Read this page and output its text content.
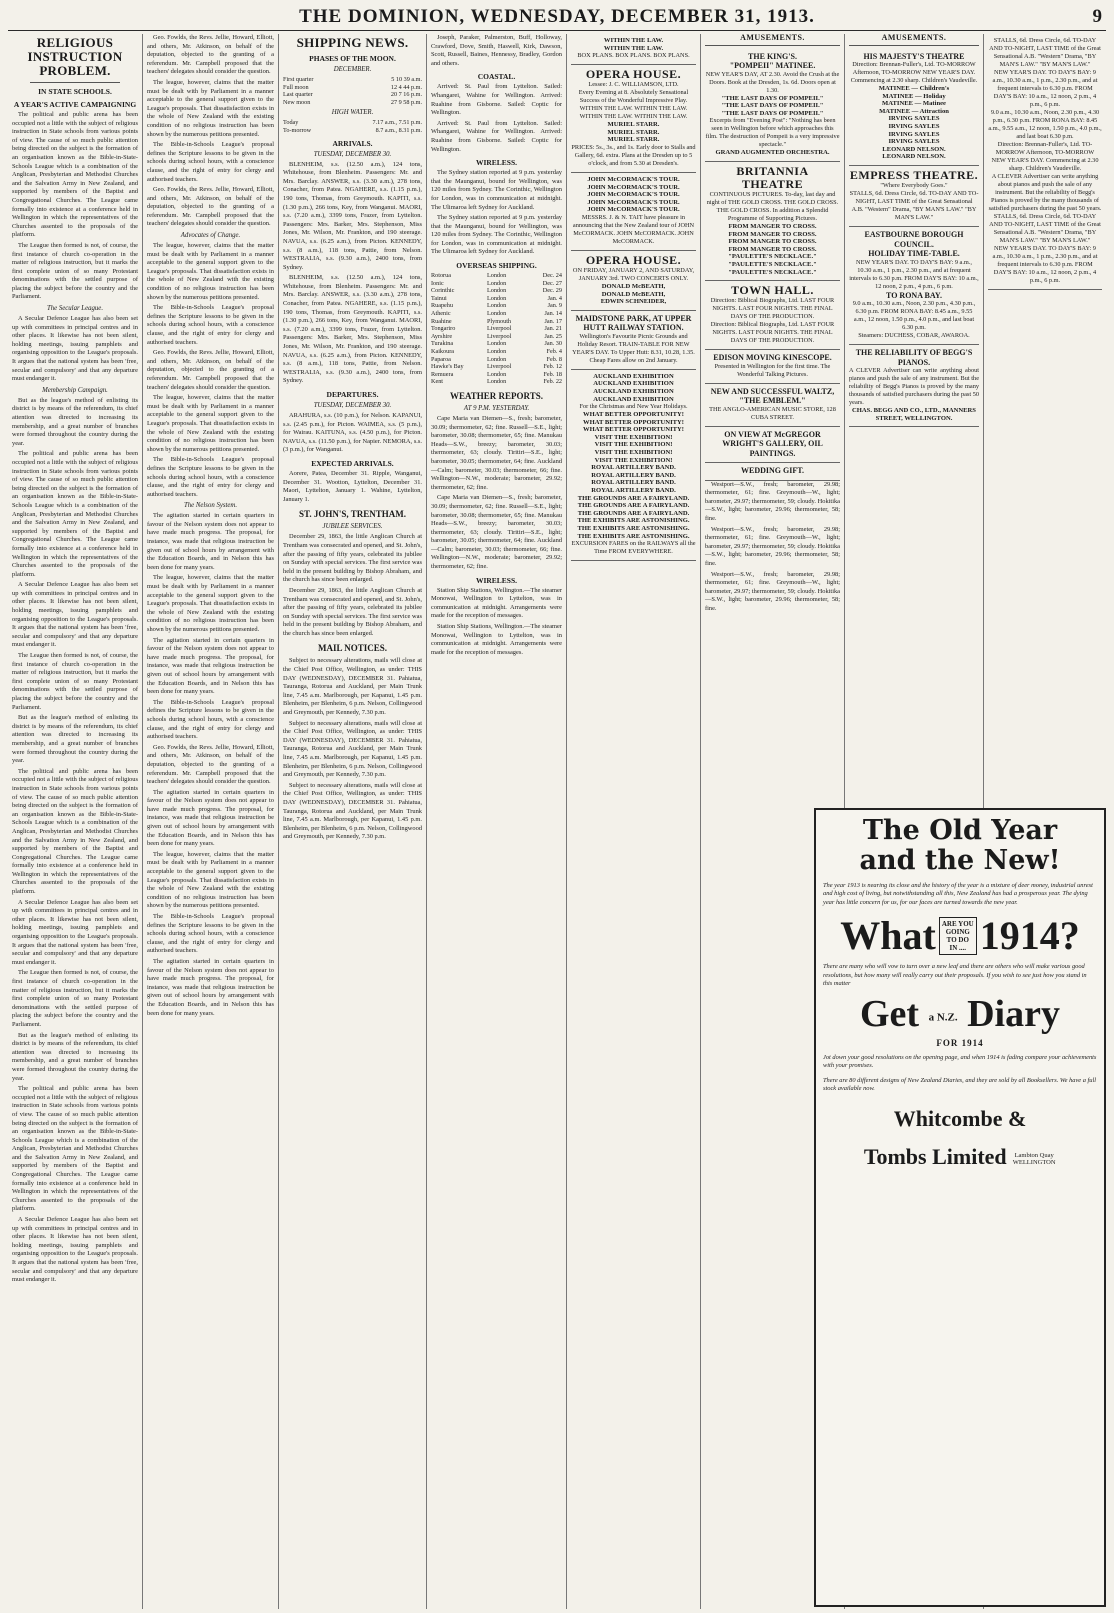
THE DOMINION, WEDNESDAY, DECEMBER 31, 1913.	9
RELIGIOUS INSTRUCTION PROBLEM.
IN STATE SCHOOLS.
A YEAR'S ACTIVE CAMPAIGNING

The political and public arena has been occupied not a little with the subject of religious instruction in State schools from various points of view. The cause of so much public attention being directed on the subject is the formation of an organisation known as the Bible-in-State-Schools League which is a combination of the Anglican, Presbyterian and Methodist Churches and the Salvation Army in New Zealand, and supported by members of the Baptist and Congregational Churches. The League came formally into existence at a conference held in Wellington in which the representatives of the Churches assented to the proposals of the platform.

The League then formed is not, of course, the first instance of church co-operation in the matter of religious instruction, but it marks the first complete union of so many Protestant denominations with the settled purpose of placing the subject before the country and the Parliament.

The Secular League.

A Secular Defence League has also been set up with committees in principal centres and in other places. It likewise has not been silent, holding meetings, issuing pamphlets and organising opposition to the League's proposals. It argues that the national system has been 'free, secular and compulsory' and that any departure must endanger it.

Membership Campaign.

But as the league's method of enlisting its district is by means of the referendum, its chief attention was directed to increasing its membership, and a great number of branches were formed throughout the country during the year.

The political and public arena has been occupied not a little with the subject of religious instruction in State schools from various points of view. The cause of so much public attention being directed on the subject is the formation of an organisation known as the Bible-in-State-Schools League which is a combination of the Anglican, Presbyterian and Methodist Churches and the Salvation Army in New Zealand, and supported by members of the Baptist and Congregational Churches. The League came formally into existence at a conference held in Wellington in which the representatives of the Churches assented to the proposals of the platform.

A Secular Defence League has also been set up with committees in principal centres and in other places. It likewise has not been silent, holding meetings, issuing pamphlets and organising opposition to the League's proposals. It argues that the national system has been 'free, secular and compulsory' and that any departure must endanger it.

The League then formed is not, of course, the first instance of church co-operation in the matter of religious instruction, but it marks the first complete union of so many Protestant denominations with the settled purpose of placing the subject before the country and the Parliament.

But as the league's method of enlisting its district is by means of the referendum, its chief attention was directed to increasing its membership, and a great number of branches were formed throughout the country during the year.

The political and public arena has been occupied not a little with the subject of religious instruction in State schools from various points of view. The cause of so much public attention being directed on the subject is the formation of an organisation known as the Bible-in-State-Schools League which is a combination of the Anglican, Presbyterian and Methodist Churches and the Salvation Army in New Zealand, and supported by members of the Baptist and Congregational Churches. The League came formally into existence at a conference held in Wellington in which the representatives of the Churches assented to the proposals of the platform.

A Secular Defence League has also been set up with committees in principal centres and in other places. It likewise has not been silent, holding meetings, issuing pamphlets and organising opposition to the League's proposals. It argues that the national system has been 'free, secular and compulsory' and that any departure must endanger it.

The League then formed is not, of course, the first instance of church co-operation in the matter of religious instruction, but it marks the first complete union of so many Protestant denominations with the settled purpose of placing the subject before the country and the Parliament.

But as the league's method of enlisting its district is by means of the referendum, its chief attention was directed to increasing its membership, and a great number of branches were formed throughout the country during the year.

The political and public arena has been occupied not a little with the subject of religious instruction in State schools from various points of view. The cause of so much public attention being directed on the subject is the formation of an organisation known as the Bible-in-State-Schools League which is a combination of the Anglican, Presbyterian and Methodist Churches and the Salvation Army in New Zealand, and supported by members of the Baptist and Congregational Churches. The League came formally into existence at a conference held in Wellington in which the representatives of the Churches assented to the proposals of the platform.

A Secular Defence League has also been set up with committees in principal centres and in other places. It likewise has not been silent, holding meetings, issuing pamphlets and organising opposition to the League's proposals. It argues that the national system has been 'free, secular and compulsory' and that any departure must endanger it.

Geo. Fowlds, the Revs. Jellie, Howard, Elliott, and others, Mr. Atkinson, on behalf of the deputation, objected to the granting of a referendum. Mr. Campbell proposed that the teachers' delegates should consider the question.

The league, however, claims that the matter must be dealt with by Parliament in a manner acceptable to the general support given to the League's proposals. That dissatisfaction exists in the whole of New Zealand with the existing condition of no religious instruction has been shown by the numerous petitions presented.

The Bible-in-Schools League's proposal defines the Scripture lessons to be given in the schools during school hours, with a conscience clause, and the right of entry for clergy and authorised teachers.

Geo. Fowlds, the Revs. Jellie, Howard, Elliott, and others, Mr. Atkinson, on behalf of the deputation, objected to the granting of a referendum. Mr. Campbell proposed that the teachers' delegates should consider the question.

Advocates of Change.

The league, however, claims that the matter must be dealt with by Parliament in a manner acceptable to the general support given to the League's proposals. That dissatisfaction exists in the whole of New Zealand with the existing condition of no religious instruction has been shown by the numerous petitions presented.

The Bible-in-Schools League's proposal defines the Scripture lessons to be given in the schools during school hours, with a conscience clause, and the right of entry for clergy and authorised teachers.

Geo. Fowlds, the Revs. Jellie, Howard, Elliott, and others, Mr. Atkinson, on behalf of the deputation, objected to the granting of a referendum. Mr. Campbell proposed that the teachers' delegates should consider the question.

The league, however, claims that the matter must be dealt with by Parliament in a manner acceptable to the general support given to the League's proposals. That dissatisfaction exists in the whole of New Zealand with the existing condition of no religious instruction has been shown by the numerous petitions presented.

The Bible-in-Schools League's proposal defines the Scripture lessons to be given in the schools during school hours, with a conscience clause, and the right of entry for clergy and authorised teachers.

The Nelson System.

The agitation started in certain quarters in favour of the Nelson system does not appear to have made much progress. The proposal, for instance, was made that religious instruction be given out of school hours by arrangement with the Education Boards, and in Nelson this has been done for many years.

The league, however, claims that the matter must be dealt with by Parliament in a manner acceptable to the general support given to the League's proposals. That dissatisfaction exists in the whole of New Zealand with the existing condition of no religious instruction has been shown by the numerous petitions presented.

The agitation started in certain quarters in favour of the Nelson system does not appear to have made much progress. The proposal, for instance, was made that religious instruction be given out of school hours by arrangement with the Education Boards, and in Nelson this has been done for many years.

The Bible-in-Schools League's proposal defines the Scripture lessons to be given in the schools during school hours, with a conscience clause, and the right of entry for clergy and authorised teachers.

Geo. Fowlds, the Revs. Jellie, Howard, Elliott, and others, Mr. Atkinson, on behalf of the deputation, objected to the granting of a referendum. Mr. Campbell proposed that the teachers' delegates should consider the question.

The agitation started in certain quarters in favour of the Nelson system does not appear to have made much progress. The proposal, for instance, was made that religious instruction be given out of school hours by arrangement with the Education Boards, and in Nelson this has been done for many years.

The league, however, claims that the matter must be dealt with by Parliament in a manner acceptable to the general support given to the League's proposals. That dissatisfaction exists in the whole of New Zealand with the existing condition of no religious instruction has been shown by the numerous petitions presented.

The Bible-in-Schools League's proposal defines the Scripture lessons to be given in the schools during school hours, with a conscience clause, and the right of entry for clergy and authorised teachers.

The agitation started in certain quarters in favour of the Nelson system does not appear to have made much progress. The proposal, for instance, was made that religious instruction be given out of school hours by arrangement with the Education Boards, and in Nelson this has been done for many years.

SHIPPING NEWS.
PHASES OF THE MOON.
DECEMBER.
First quarter	5 10 39 a.m.
Full moon	12 4 44 p.m.
Last quarter	20 7 16 p.m.
New moon	27 9 58 p.m.
HIGH WATER.
Today	7.17 a.m., 7.51 p.m.
To-morrow	8.7 a.m., 8.31 p.m.
ARRIVALS.
TUESDAY, DECEMBER 30.

BLENHEIM, s.s. (12.50 a.m.), 124 tons, Whitehouse, from Blenheim. Passengers: Mr. and Mrs. Barclay. ANSWER, s.s. (3.30 a.m.), 278 tons, Conacher, from Patea. NGAHERE, s.s. (1.15 p.m.), 190 tons, Thomas, from Greymouth. KAPITI, s.s. (1.30 p.m.), 266 tons, Key, from Wanganui. MAORI, s.s. (7.20 a.m.), 3399 tons, Frazer, from Lyttelton. Passengers: Mrs. Barker, Mrs. Stephenson, Miss Jones, Mr. Wilson, Mr. Frankton, and 190 steerage. NAVUA, s.s. (6.25 a.m.), from Picton. KENNEDY, s.s. (8 a.m.), 118 tons, Pattie, from Nelson. WESTRALIA, s.s. (9.30 a.m.), 2400 tons, from Sydney.

BLENHEIM, s.s. (12.50 a.m.), 124 tons, Whitehouse, from Blenheim. Passengers: Mr. and Mrs. Barclay. ANSWER, s.s. (3.30 a.m.), 278 tons, Conacher, from Patea. NGAHERE, s.s. (1.15 p.m.), 190 tons, Thomas, from Greymouth. KAPITI, s.s. (1.30 p.m.), 266 tons, Key, from Wanganui. MAORI, s.s. (7.20 a.m.), 3399 tons, Frazer, from Lyttelton. Passengers: Mrs. Barker, Mrs. Stephenson, Miss Jones, Mr. Wilson, Mr. Frankton, and 190 steerage. NAVUA, s.s. (6.25 a.m.), from Picton. KENNEDY, s.s. (8 a.m.), 118 tons, Pattie, from Nelson. WESTRALIA, s.s. (9.30 a.m.), 2400 tons, from Sydney.

DEPARTURES.
TUESDAY, DECEMBER 30.

ARAHURA, s.s. (10 p.m.), for Nelson. KAPANUI, s.s. (2.45 p.m.), for Picton. WAIMEA, s.s. (5 p.m.), for Wairau. KAITUNA, s.s. (4.50 p.m.), for Picton. NAVUA, s.s. (11.50 p.m.), for Napier. NEMORA, s.s. (3 p.m.), for Wanganui.

EXPECTED ARRIVALS.

Aorere, Patea, December 31. Ripple, Wanganui, December 31. Wootton, Lyttelton, December 31. Maori, Lyttelton, January 1. Wahine, Lyttelton, January 1.

ST. JOHN'S, TRENTHAM.
JUBILEE SERVICES.

December 29, 1863, the little Anglican Church at Trentham was consecrated and opened, and St. John's, after the passing of fifty years, celebrated its jubilee on Sunday with special services. The first service was held in the present building by Bishop Abraham, and the church has since been enlarged.

December 29, 1863, the little Anglican Church at Trentham was consecrated and opened, and St. John's, after the passing of fifty years, celebrated its jubilee on Sunday with special services. The first service was held in the present building by Bishop Abraham, and the church has since been enlarged.

MAIL NOTICES.

Subject to necessary alterations, mails will close at the Chief Post Office, Wellington, as under: THIS DAY (WEDNESDAY), DECEMBER 31. Pahiatua, Tauranga, Rotorua and Auckland, per Main Trunk line, 7.45 a.m. Marlborough, per Kapanui, 1.45 p.m. Blenheim, per Blenheim, 6 p.m. Nelson, Collingwood and Greymouth, per Kennedy, 7.30 p.m.

Subject to necessary alterations, mails will close at the Chief Post Office, Wellington, as under: THIS DAY (WEDNESDAY), DECEMBER 31. Pahiatua, Tauranga, Rotorua and Auckland, per Main Trunk line, 7.45 a.m. Marlborough, per Kapanui, 1.45 p.m. Blenheim, per Blenheim, 6 p.m. Nelson, Collingwood and Greymouth, per Kennedy, 7.30 p.m.

Subject to necessary alterations, mails will close at the Chief Post Office, Wellington, as under: THIS DAY (WEDNESDAY), DECEMBER 31. Pahiatua, Tauranga, Rotorua and Auckland, per Main Trunk line, 7.45 a.m. Marlborough, per Kapanui, 1.45 p.m. Blenheim, per Blenheim, 6 p.m. Nelson, Collingwood and Greymouth, per Kennedy, 7.30 p.m.

Joseph, Paraker, Palmerston, Buff, Holloway, Crawford, Dove, Smith, Haswell, Kirk, Dawson, Scott, Russell, Baines, Hennessy, Bradley, Gordon and others.

COASTAL.

Arrived: St. Paul from Lyttelton. Sailed: Whangarei, Wahine for Wellington. Arrived: Ruahine from Gisborne. Sailed: Coptic for Wellington.

Arrived: St. Paul from Lyttelton. Sailed: Whangarei, Wahine for Wellington. Arrived: Ruahine from Gisborne. Sailed: Coptic for Wellington.

WIRELESS.

The Sydney station reported at 9 p.m. yesterday that the Maunganui, bound for Wellington, was 120 miles from Sydney. The Corinthic, Wellington for London, was in communication at midnight. The Ulimaroa left Sydney for Auckland.

The Sydney station reported at 9 p.m. yesterday that the Maunganui, bound for Wellington, was 120 miles from Sydney. The Corinthic, Wellington for London, was in communication at midnight. The Ulimaroa left Sydney for Auckland.

OVERSEAS SHIPPING.
Rotorua	London	Dec. 24
Ionic	London	Dec. 27
Corinthic	London	Dec. 29
Tainui	London	Jan. 4
Ruapehu	London	Jan. 9
Athenic	London	Jan. 14
Ruahine	Plymouth	Jan. 17
Tongariro	Liverpool	Jan. 21
Ayrshire	Liverpool	Jan. 25
Turakina	London	Jan. 30
Kaikoura	London	Feb. 4
Paparoa	London	Feb. 8
Hawke's Bay	Liverpool	Feb. 12
Remuera	London	Feb. 18
Kent	London	Feb. 22
WEATHER REPORTS.
AT 9 P.M. YESTERDAY.

Cape Maria van Diemen—S., fresh; barometer, 30.09; thermometer, 62; fine. Russell—S.E., light; barometer, 30.08; thermometer, 65; fine. Manukau Heads—S.W., breezy; barometer, 30.03; thermometer, 63; cloudy. Tiritiri—S.E., light; barometer, 30.05; thermometer, 64; fine. Auckland—Calm; barometer, 30.03; thermometer, 66; fine. Wellington—N.W., moderate; barometer, 29.92; thermometer, 62; fine.

Cape Maria van Diemen—S., fresh; barometer, 30.09; thermometer, 62; fine. Russell—S.E., light; barometer, 30.08; thermometer, 65; fine. Manukau Heads—S.W., breezy; barometer, 30.03; thermometer, 63; cloudy. Tiritiri—S.E., light; barometer, 30.05; thermometer, 64; fine. Auckland—Calm; barometer, 30.03; thermometer, 66; fine. Wellington—N.W., moderate; barometer, 29.92; thermometer, 62; fine.

WIRELESS.

Station Ship Stations, Wellington.—The steamer Monowai, Wellington to Lyttelton, was in communication at midnight. Arrangements were made for the reception of messages.

Station Ship Stations, Wellington.—The steamer Monowai, Wellington to Lyttelton, was in communication at midnight. Arrangements were made for the reception of messages.

WITHIN THE LAW.
WITHIN THE LAW.
BOX PLANS. BOX PLANS. BOX PLANS.
OPERA HOUSE.
Lessee: J. C. WILLIAMSON, LTD.
Every Evening at 8. Absolutely Sensational Success of the Wonderful Impressive Play. WITHIN THE LAW. WITHIN THE LAW. WITHIN THE LAW. WITHIN THE LAW.
MURIEL STARR.
MURIEL STARR.
MURIEL STARR.
PRICES: 5s., 3s., and 1s. Early door to Stalls and Gallery, 6d. extra. Plans at the Dresden up to 5 o'clock, and from 5.30 at Dresden's.
JOHN McCORMACK'S TOUR.
JOHN McCORMACK'S TOUR.
JOHN McCORMACK'S TOUR.
JOHN McCORMACK'S TOUR.
JOHN McCORMACK'S TOUR.
MESSRS. J. & N. TAIT have pleasure in announcing that the New Zealand tour of JOHN McCORMACK. JOHN McCORMACK. JOHN McCORMACK.
OPERA HOUSE.
ON FRIDAY, JANUARY 2, AND SATURDAY, JANUARY 3rd. TWO CONCERTS ONLY.
DONALD McBEATH,
DONALD McBEATH,
EDWIN SCHNEIDER,
MAIDSTONE PARK, AT UPPER HUTT RAILWAY STATION.
Wellington's Favourite Picnic Grounds and Holiday Resort. TRAIN-TABLE FOR NEW YEAR'S DAY. To Upper Hutt: 8.31, 10.28, 1.35. Cheap Fares allow on 2nd January.
AUCKLAND EXHIBITION
AUCKLAND EXHIBITION
AUCKLAND EXHIBITION
AUCKLAND EXHIBITION
For the Christmas and New Year Holidays.
WHAT BETTER OPPORTUNITY!
WHAT BETTER OPPORTUNITY!
WHAT BETTER OPPORTUNITY!
VISIT THE EXHIBITION!
VISIT THE EXHIBITION!
VISIT THE EXHIBITION!
VISIT THE EXHIBITION!
ROYAL ARTILLERY BAND.
ROYAL ARTILLERY BAND.
ROYAL ARTILLERY BAND.
ROYAL ARTILLERY BAND.
THE GROUNDS ARE A FAIRYLAND.
THE GROUNDS ARE A FAIRYLAND.
THE GROUNDS ARE A FAIRYLAND.
THE EXHIBITS ARE ASTONISHING.
THE EXHIBITS ARE ASTONISHING.
THE EXHIBITS ARE ASTONISHING.
EXCURSION FARES on the RAILWAYS all the Time FROM EVERYWHERE.
AMUSEMENTS.
THE KING'S.
"POMPEII" MATINEE.
NEW YEAR'S DAY, AT 2.30. Avoid the Crush at the Doors. Book at the Dresden, 1s. 6d. Doors open at 1.30.
"THE LAST DAYS OF POMPEII."
"THE LAST DAYS OF POMPEII."
"THE LAST DAYS OF POMPEII."
Excerpts from "Evening Post": "Nothing has been seen in Wellington before which approaches this film. The destruction of Pompeii is a very impressive spectacle."
GRAND AUGMENTED ORCHESTRA.
BRITANNIA THEATRE
CONTINUOUS PICTURES. To-day, last day and night of THE GOLD CROSS. THE GOLD CROSS. THE GOLD CROSS. In addition a Splendid Programme of Supporting Pictures.
FROM MANGER TO CROSS.
FROM MANGER TO CROSS.
FROM MANGER TO CROSS.
FROM MANGER TO CROSS.
"PAULETTE'S NECKLACE."
"PAULETTE'S NECKLACE."
"PAULETTE'S NECKLACE."
TOWN HALL.
Direction: Biblical Biographs, Ltd. LAST FOUR NIGHTS. LAST FOUR NIGHTS. THE FINAL DAYS OF THE PRODUCTION.
Direction: Biblical Biographs, Ltd. LAST FOUR NIGHTS. LAST FOUR NIGHTS. THE FINAL DAYS OF THE PRODUCTION.
EDISON MOVING KINESCOPE.
Presented in Wellington for the first time. The Wonderful Talking Pictures.
NEW AND SUCCESSFUL WALTZ, "THE EMBLEM."
THE ANGLO-AMERICAN MUSIC STORE, 128 CUBA STREET.
ON VIEW AT McGREGOR WRIGHT'S GALLERY, OIL PAINTINGS.
WEDDING GIFT.

Westport—S.W., fresh; barometer, 29.98; thermometer, 61; fine. Greymouth—W., light; barometer, 29.97; thermometer, 59; cloudy. Hokitika—S.W., light; barometer, 29.96; thermometer, 58; fine.

Westport—S.W., fresh; barometer, 29.98; thermometer, 61; fine. Greymouth—W., light; barometer, 29.97; thermometer, 59; cloudy. Hokitika—S.W., light; barometer, 29.96; thermometer, 58; fine.

Westport—S.W., fresh; barometer, 29.98; thermometer, 61; fine. Greymouth—W., light; barometer, 29.97; thermometer, 59; cloudy. Hokitika—S.W., light; barometer, 29.96; thermometer, 58; fine.

AMUSEMENTS.
HIS MAJESTY'S THEATRE
Direction: Brennan-Fuller's, Ltd. TO-MORROW Afternoon, TO-MORROW NEW YEAR'S DAY. Commencing at 2.30 sharp. Children's Vaudeville.
MATINEE — Children's
MATINEE — Holiday
MATINEE — Matinee
MATINEE — Attraction
IRVING SAYLES
IRVING SAYLES
IRVING SAYLES
IRVING SAYLES
LEONARD NELSON.
LEONARD NELSON.
EMPRESS THEATRE.
"Where Everybody Goes."
STALLS, 6d. Dress Circle, 6d. TO-DAY AND TO-NIGHT, LAST TIME of the Great Sensational A.B. "Western" Drama, "BY MAN'S LAW." "BY MAN'S LAW."
EASTBOURNE BOROUGH COUNCIL.
HOLIDAY TIME-TABLE.
NEW YEAR'S DAY. TO DAY'S BAY: 9 a.m., 10.30 a.m., 1 p.m., 2.30 p.m., and at frequent intervals to 6.30 p.m. FROM DAY'S BAY: 10 a.m., 12 noon, 2 p.m., 4 p.m., 6 p.m.
TO RONA BAY.
9.0 a.m., 10.30 a.m., Noon, 2.30 p.m., 4.30 p.m., 6.30 p.m. FROM RONA BAY: 8.45 a.m., 9.55 a.m., 12 noon, 1.50 p.m., 4.0 p.m., and last boat 6.30 p.m.
Steamers: DUCHESS, COBAR, AWAROA.
THE RELIABILITY OF BEGG'S PIANOS.
A CLEVER Advertiser can write anything about pianos and push the sale of any instrument. But the reliability of Begg's Pianos is proved by the many thousands of satisfied purchasers during the past 50 years.
CHAS. BEGG AND CO., LTD., MANNERS STREET, WELLINGTON.
STALLS, 6d. Dress Circle, 6d. TO-DAY AND TO-NIGHT, LAST TIME of the Great Sensational A.B. "Western" Drama, "BY MAN'S LAW." "BY MAN'S LAW."
NEW YEAR'S DAY. TO DAY'S BAY: 9 a.m., 10.30 a.m., 1 p.m., 2.30 p.m., and at frequent intervals to 6.30 p.m. FROM DAY'S BAY: 10 a.m., 12 noon, 2 p.m., 4 p.m., 6 p.m.
9.0 a.m., 10.30 a.m., Noon, 2.30 p.m., 4.30 p.m., 6.30 p.m. FROM RONA BAY: 8.45 a.m., 9.55 a.m., 12 noon, 1.50 p.m., 4.0 p.m., and last boat 6.30 p.m.
Direction: Brennan-Fuller's, Ltd. TO-MORROW Afternoon, TO-MORROW NEW YEAR'S DAY. Commencing at 2.30 sharp. Children's Vaudeville.
A CLEVER Advertiser can write anything about pianos and push the sale of any instrument. But the reliability of Begg's Pianos is proved by the many thousands of satisfied purchasers during the past 50 years.
STALLS, 6d. Dress Circle, 6d. TO-DAY AND TO-NIGHT, LAST TIME of the Great Sensational A.B. "Western" Drama, "BY MAN'S LAW." "BY MAN'S LAW."
NEW YEAR'S DAY. TO DAY'S BAY: 9 a.m., 10.30 a.m., 1 p.m., 2.30 p.m., and at frequent intervals to 6.30 p.m. FROM DAY'S BAY: 10 a.m., 12 noon, 2 p.m., 4 p.m., 6 p.m.
The Old Year
and the New!
The year 1913 is nearing its close and the history of the year is a mixture of deer money, industrial unrest and high cost of living, but notwithstanding all this, New Zealand has had a prosperous year. The dying year has little concern for us, for our faces are turned towards the new year.
What ARE YOU
GOING
TO DO
IN .... 1914?
There are many who will vow to turn over a new leaf and there are others who will make various good resolutions, but how many will really carry out their proposals. If you wish to see just how you stand in this matter
Get a N.Z. Diary
FOR 1914
Jot down your good resolutions on the opening page, and when 1914 is fading compare your achievements with your promises.
There are 80 different designs of New Zealand Diaries, and they are sold by all Booksellers. We have a full stock available now.
Whitcombe &
Tombs Limited Lambton Quay WELLINGTON
